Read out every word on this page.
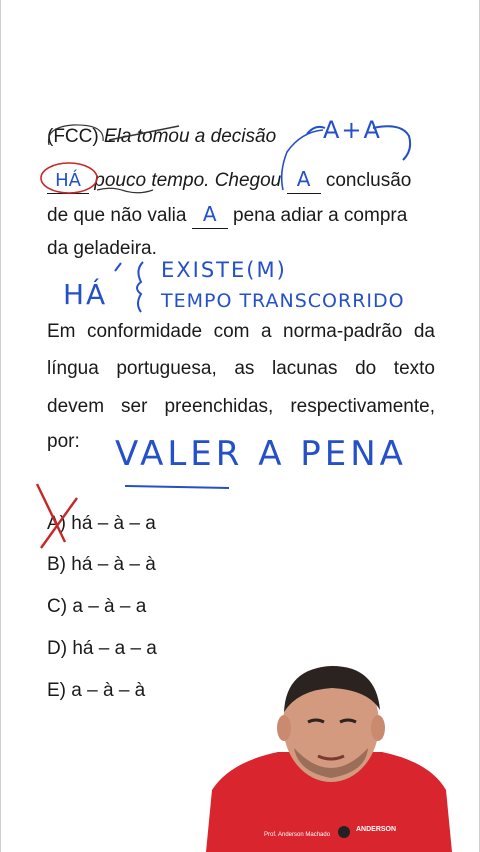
(FCC) Ela tomou a decisão
HÁ pouco tempo. Chegou A conclusão
de que não valia A pena adiar a compra
da geladeira.
Em conformidade com a norma-padrão da
língua portuguesa, as lacunas do texto
devem ser preenchidas, respectivamente,
por:
A) há – à – a
B) há – à – à
C) a – à – a
D) há – a – a
E) a – à – à
A+A
HÁ
EXISTE(M)
TEMPO TRANSCORRIDO
VALER A PENA
Prof. Anderson Machado
ANDERSON
